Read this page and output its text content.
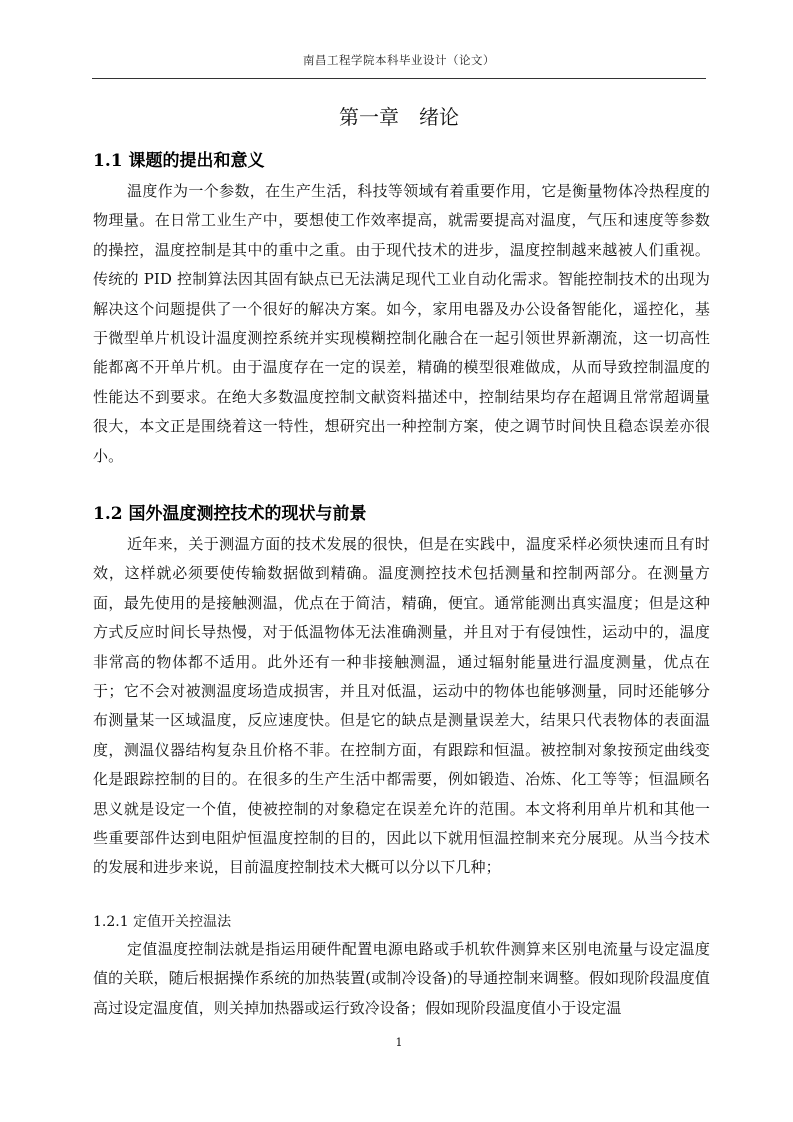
南昌工程学院本科毕业设计（论文）
第一章　绪论
1.1 课题的提出和意义
温度作为一个参数，在生产生活，科技等领域有着重要作用，它是衡量物体冷热程度的物理量。在日常工业生产中，要想使工作效率提高，就需要提高对温度，气压和速度等参数的操控，温度控制是其中的重中之重。由于现代技术的进步，温度控制越来越被人们重视。传统的 PID 控制算法因其固有缺点已无法满足现代工业自动化需求。智能控制技术的出现为解决这个问题提供了一个很好的解决方案。如今，家用电器及办公设备智能化，遥控化，基于微型单片机设计温度测控系统并实现模糊控制化融合在一起引领世界新潮流，这一切高性能都离不开单片机。由于温度存在一定的误差，精确的模型很难做成，从而导致控制温度的性能达不到要求。在绝大多数温度控制文献资料描述中，控制结果均存在超调且常常超调量很大，本文正是围绕着这一特性，想研究出一种控制方案，使之调节时间快且稳态误差亦很小。
1.2 国外温度测控技术的现状与前景
近年来，关于测温方面的技术发展的很快，但是在实践中，温度采样必须快速而且有时效，这样就必须要使传输数据做到精确。温度测控技术包括测量和控制两部分。在测量方面，最先使用的是接触测温，优点在于简洁，精确，便宜。通常能测出真实温度；但是这种方式反应时间长导热慢，对于低温物体无法准确测量，并且对于有侵蚀性，运动中的，温度非常高的物体都不适用。此外还有一种非接触测温，通过辐射能量进行温度测量，优点在于；它不会对被测温度场造成损害，并且对低温，运动中的物体也能够测量，同时还能够分布测量某一区域温度，反应速度快。但是它的缺点是测量误差大，结果只代表物体的表面温度，测温仪器结构复杂且价格不菲。在控制方面，有跟踪和恒温。被控制对象按预定曲线变化是跟踪控制的目的。在很多的生产生活中都需要，例如锻造、冶炼、化工等等；恒温顾名思义就是设定一个值，使被控制的对象稳定在误差允许的范围。本文将利用单片机和其他一些重要部件达到电阻炉恒温度控制的目的，因此以下就用恒温控制来充分展现。从当今技术的发展和进步来说，目前温度控制技术大概可以分以下几种；
1.2.1 定值开关控温法
定值温度控制法就是指运用硬件配置电源电路或手机软件测算来区别电流量与设定温度值的关联，随后根据操作系统的加热装置(或制冷设备)的导通控制来调整。假如现阶段温度值高过设定温度值，则关掉加热器或运行致冷设备；假如现阶段温度值小于设定温
1
